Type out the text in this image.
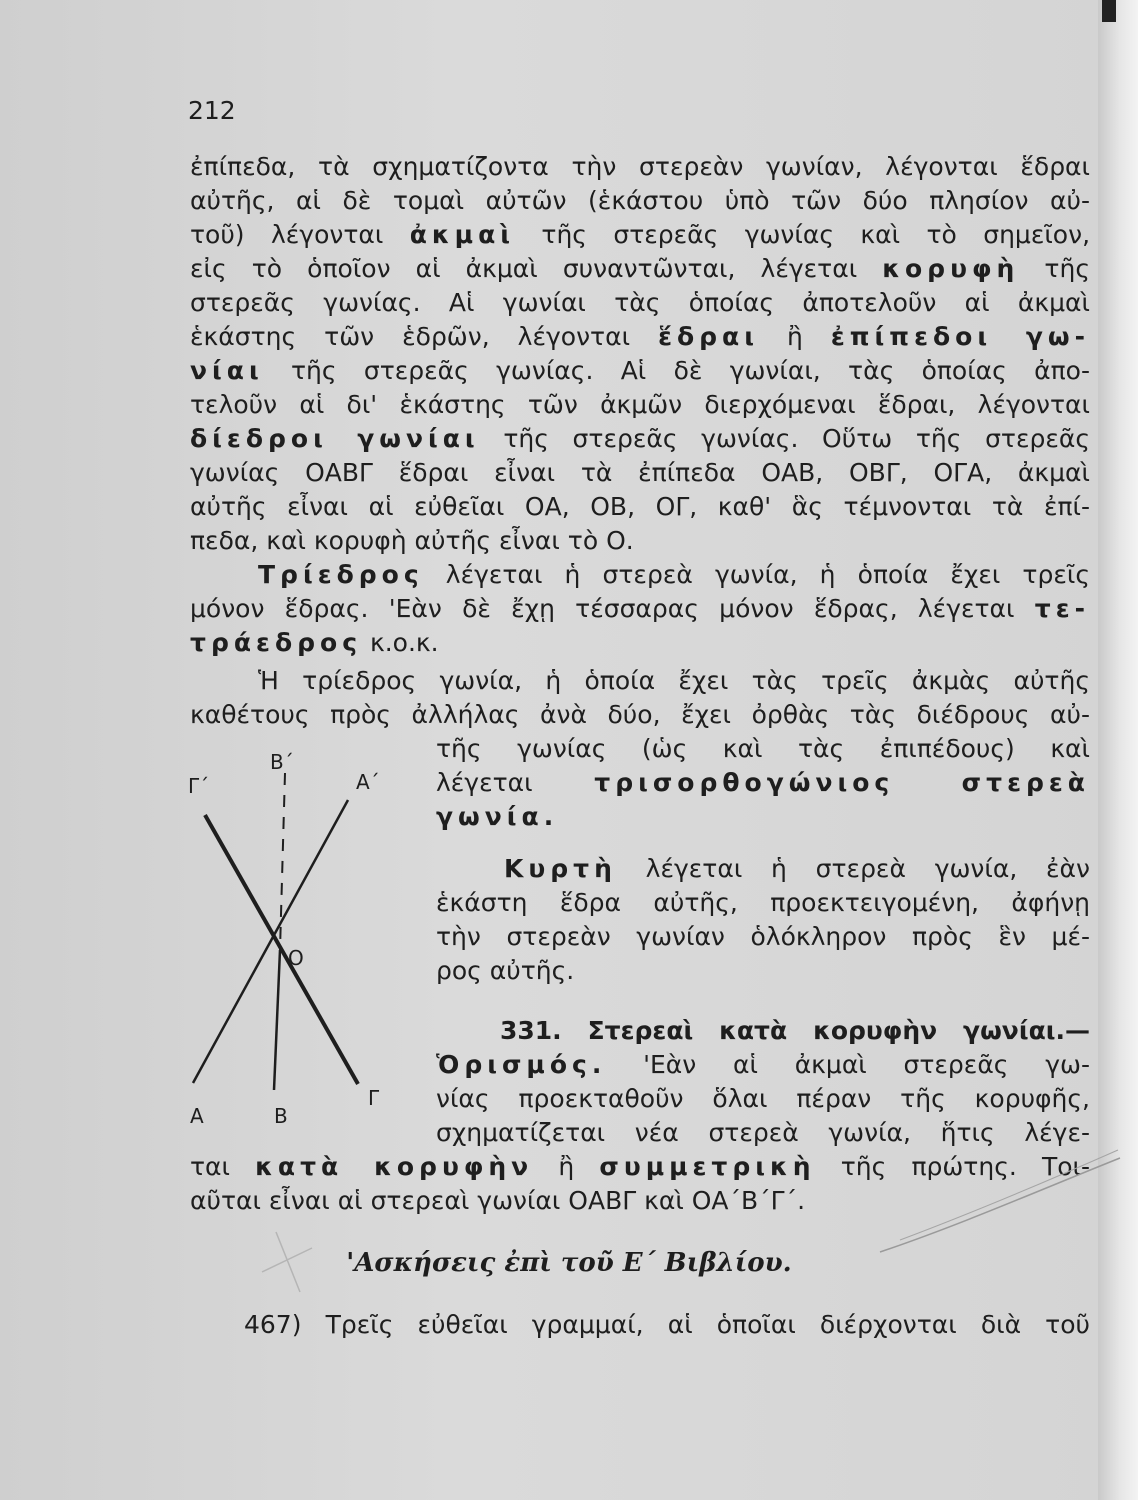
212
ἐπίπεδα, τὰ σχηματίζοντα τὴν στερεὰν γωνίαν, λέγονται ἕδραι
αὐτῆς, αἱ δὲ τομαὶ αὐτῶν (ἑκάστου ὑπὸ τῶν δύο πλησίον αὐ-
τοῦ) λέγονται ἀκμαὶ τῆς στερεᾶς γωνίας καὶ τὸ σημεῖον,
εἰς τὸ ὁποῖον αἱ ἀκμαὶ συναντῶνται, λέγεται κορυφὴ τῆς
στερεᾶς γωνίας. Αἱ γωνίαι τὰς ὁποίας ἀποτελοῦν αἱ ἀκμαὶ
ἑκάστης τῶν ἑδρῶν, λέγονται ἕδραι ἢ ἐπίπεδοι γω-
νίαι τῆς στερεᾶς γωνίας. Αἱ δὲ γωνίαι, τὰς ὁποίας ἀπο-
τελοῦν αἱ δι' ἑκάστης τῶν ἀκμῶν διερχόμεναι ἕδραι, λέγονται
δίεδροι γωνίαι τῆς στερεᾶς γωνίας. Οὕτω τῆς στερεᾶς
γωνίας ΟΑΒΓ ἕδραι εἶναι τὰ ἐπίπεδα ΟΑΒ, ΟΒΓ, ΟΓΑ, ἀκμαὶ
αὐτῆς εἶναι αἱ εὐθεῖαι ΟΑ, ΟΒ, ΟΓ, καθ' ἃς τέμνονται τὰ ἐπί-
πεδα, καὶ κορυφὴ αὐτῆς εἶναι τὸ Ο.
Τρίεδρος λέγεται ἡ στερεὰ γωνία, ἡ ὁποία ἔχει τρεῖς
μόνον ἕδρας. 'Εὰν δὲ ἔχῃ τέσσαρας μόνον ἕδρας, λέγεται τε-
τράεδρος κ.ο.κ.
Ἡ τρίεδρος γωνία, ἡ ὁποία ἔχει τὰς τρεῖς ἀκμὰς αὐτῆς
καθέτους πρὸς ἀλλήλας ἀνὰ δύο, ἔχει ὀρθὰς τὰς διέδρους αὐ-
τῆς γωνίας (ὡς καὶ τὰς ἐπιπέδους) καὶ
λέγεται τρισορθογώνιος στερεὰ
γωνία.
Κυρτὴ λέγεται ἡ στερεὰ γωνία, ἐὰν
ἑκάστη ἕδρα αὐτῆς, προεκτειγομένη, ἀφήνῃ
τὴν στερεὰν γωνίαν ὁλόκληρον πρὸς ἓν μέ-
ρος αὐτῆς.
331. Στερεαὶ κατὰ κορυφὴν γωνίαι.—
Ὁρισμός. 'Εὰν αἱ ἀκμαὶ στερεᾶς γω-
νίας προεκταθοῦν ὅλαι πέραν τῆς κορυφῆς,
σχηματίζεται νέα στερεὰ γωνία, ἥτις λέγε-
ται κατὰ κορυφὴν ἢ συμμετρικὴ τῆς πρώτης. Τοι-
αῦται εἶναι αἱ στερεαὶ γωνίαι ΟΑΒΓ καὶ ΟΑ΄Β΄Γ΄.
B΄
Γ΄	A΄
O
A	B
Γ
'Ασκήσεις ἐπὶ τοῦ Ε΄ Βιβλίου.
467) Τρεῖς εὐθεῖαι γραμμαί, αἱ ὁποῖαι διέρχονται διὰ τοῦ
